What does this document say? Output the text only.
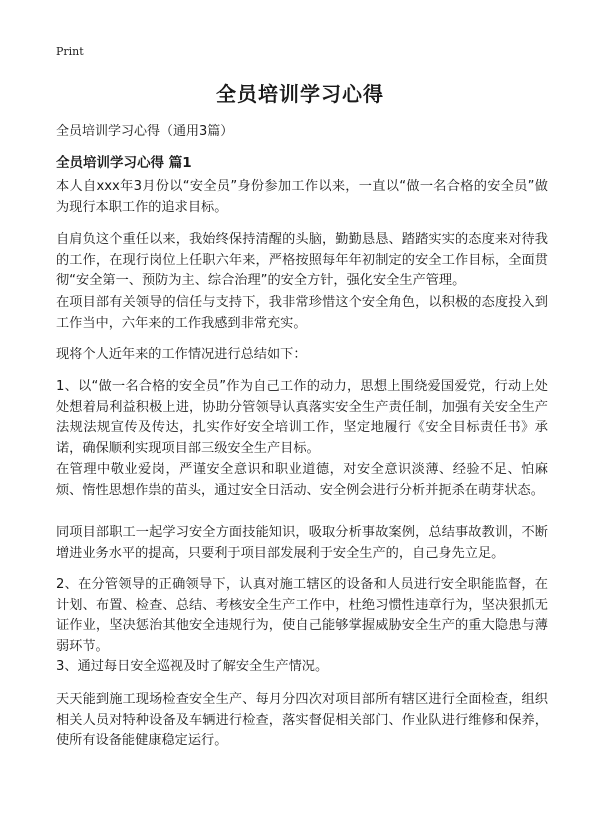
Print
全员培训学习心得

全员培训学习心得（通用3篇）

全员培训学习心得 篇1

本人自xxx年3月份以“安全员”身份参加工作以来，一直以“做一名合格的安全员”做为现行本职工作的追求目标。

自肩负这个重任以来，我始终保持清醒的头脑，勤勤恳恳、踏踏实实的态度来对待我的工作，在现行岗位上任职六年来，严格按照每年年初制定的安全工作目标，全面贯彻“安全第一、预防为主、综合治理”的安全方针，强化安全生产管理。

在项目部有关领导的信任与支持下，我非常珍惜这个安全角色，以积极的态度投入到工作当中，六年来的工作我感到非常充实。

现将个人近年来的工作情况进行总结如下：

1、以“做一名合格的安全员”作为自己工作的动力，思想上围绕爱国爱党，行动上处处想着局利益积极上进，协助分管领导认真落实安全生产责任制，加强有关安全生产法规法规宣传及传达，扎实作好安全培训工作，坚定地履行《安全目标责任书》承诺，确保顺利实现项目部三级安全生产目标。

在管理中敬业爱岗，严谨安全意识和职业道德，对安全意识淡薄、经验不足、怕麻烦、惰性思想作祟的苗头，通过安全日活动、安全例会进行分析并扼杀在萌芽状态。

同项目部职工一起学习安全方面技能知识，吸取分析事故案例，总结事故教训，不断增进业务水平的提高，只要利于项目部发展利于安全生产的，自己身先立足。

2、在分管领导的正确领导下，认真对施工辖区的设备和人员进行安全职能监督，在计划、布置、检查、总结、考核安全生产工作中，杜绝习惯性违章行为，坚决狠抓无证作业，坚决惩治其他安全违规行为，使自己能够掌握威胁安全生产的重大隐患与薄弱环节。

3、通过每日安全巡视及时了解安全生产情况。

天天能到施工现场检查安全生产、每月分四次对项目部所有辖区进行全面检查，组织相关人员对特种设备及车辆进行检查，落实督促相关部门、作业队进行维修和保养，使所有设备能健康稳定运行。
